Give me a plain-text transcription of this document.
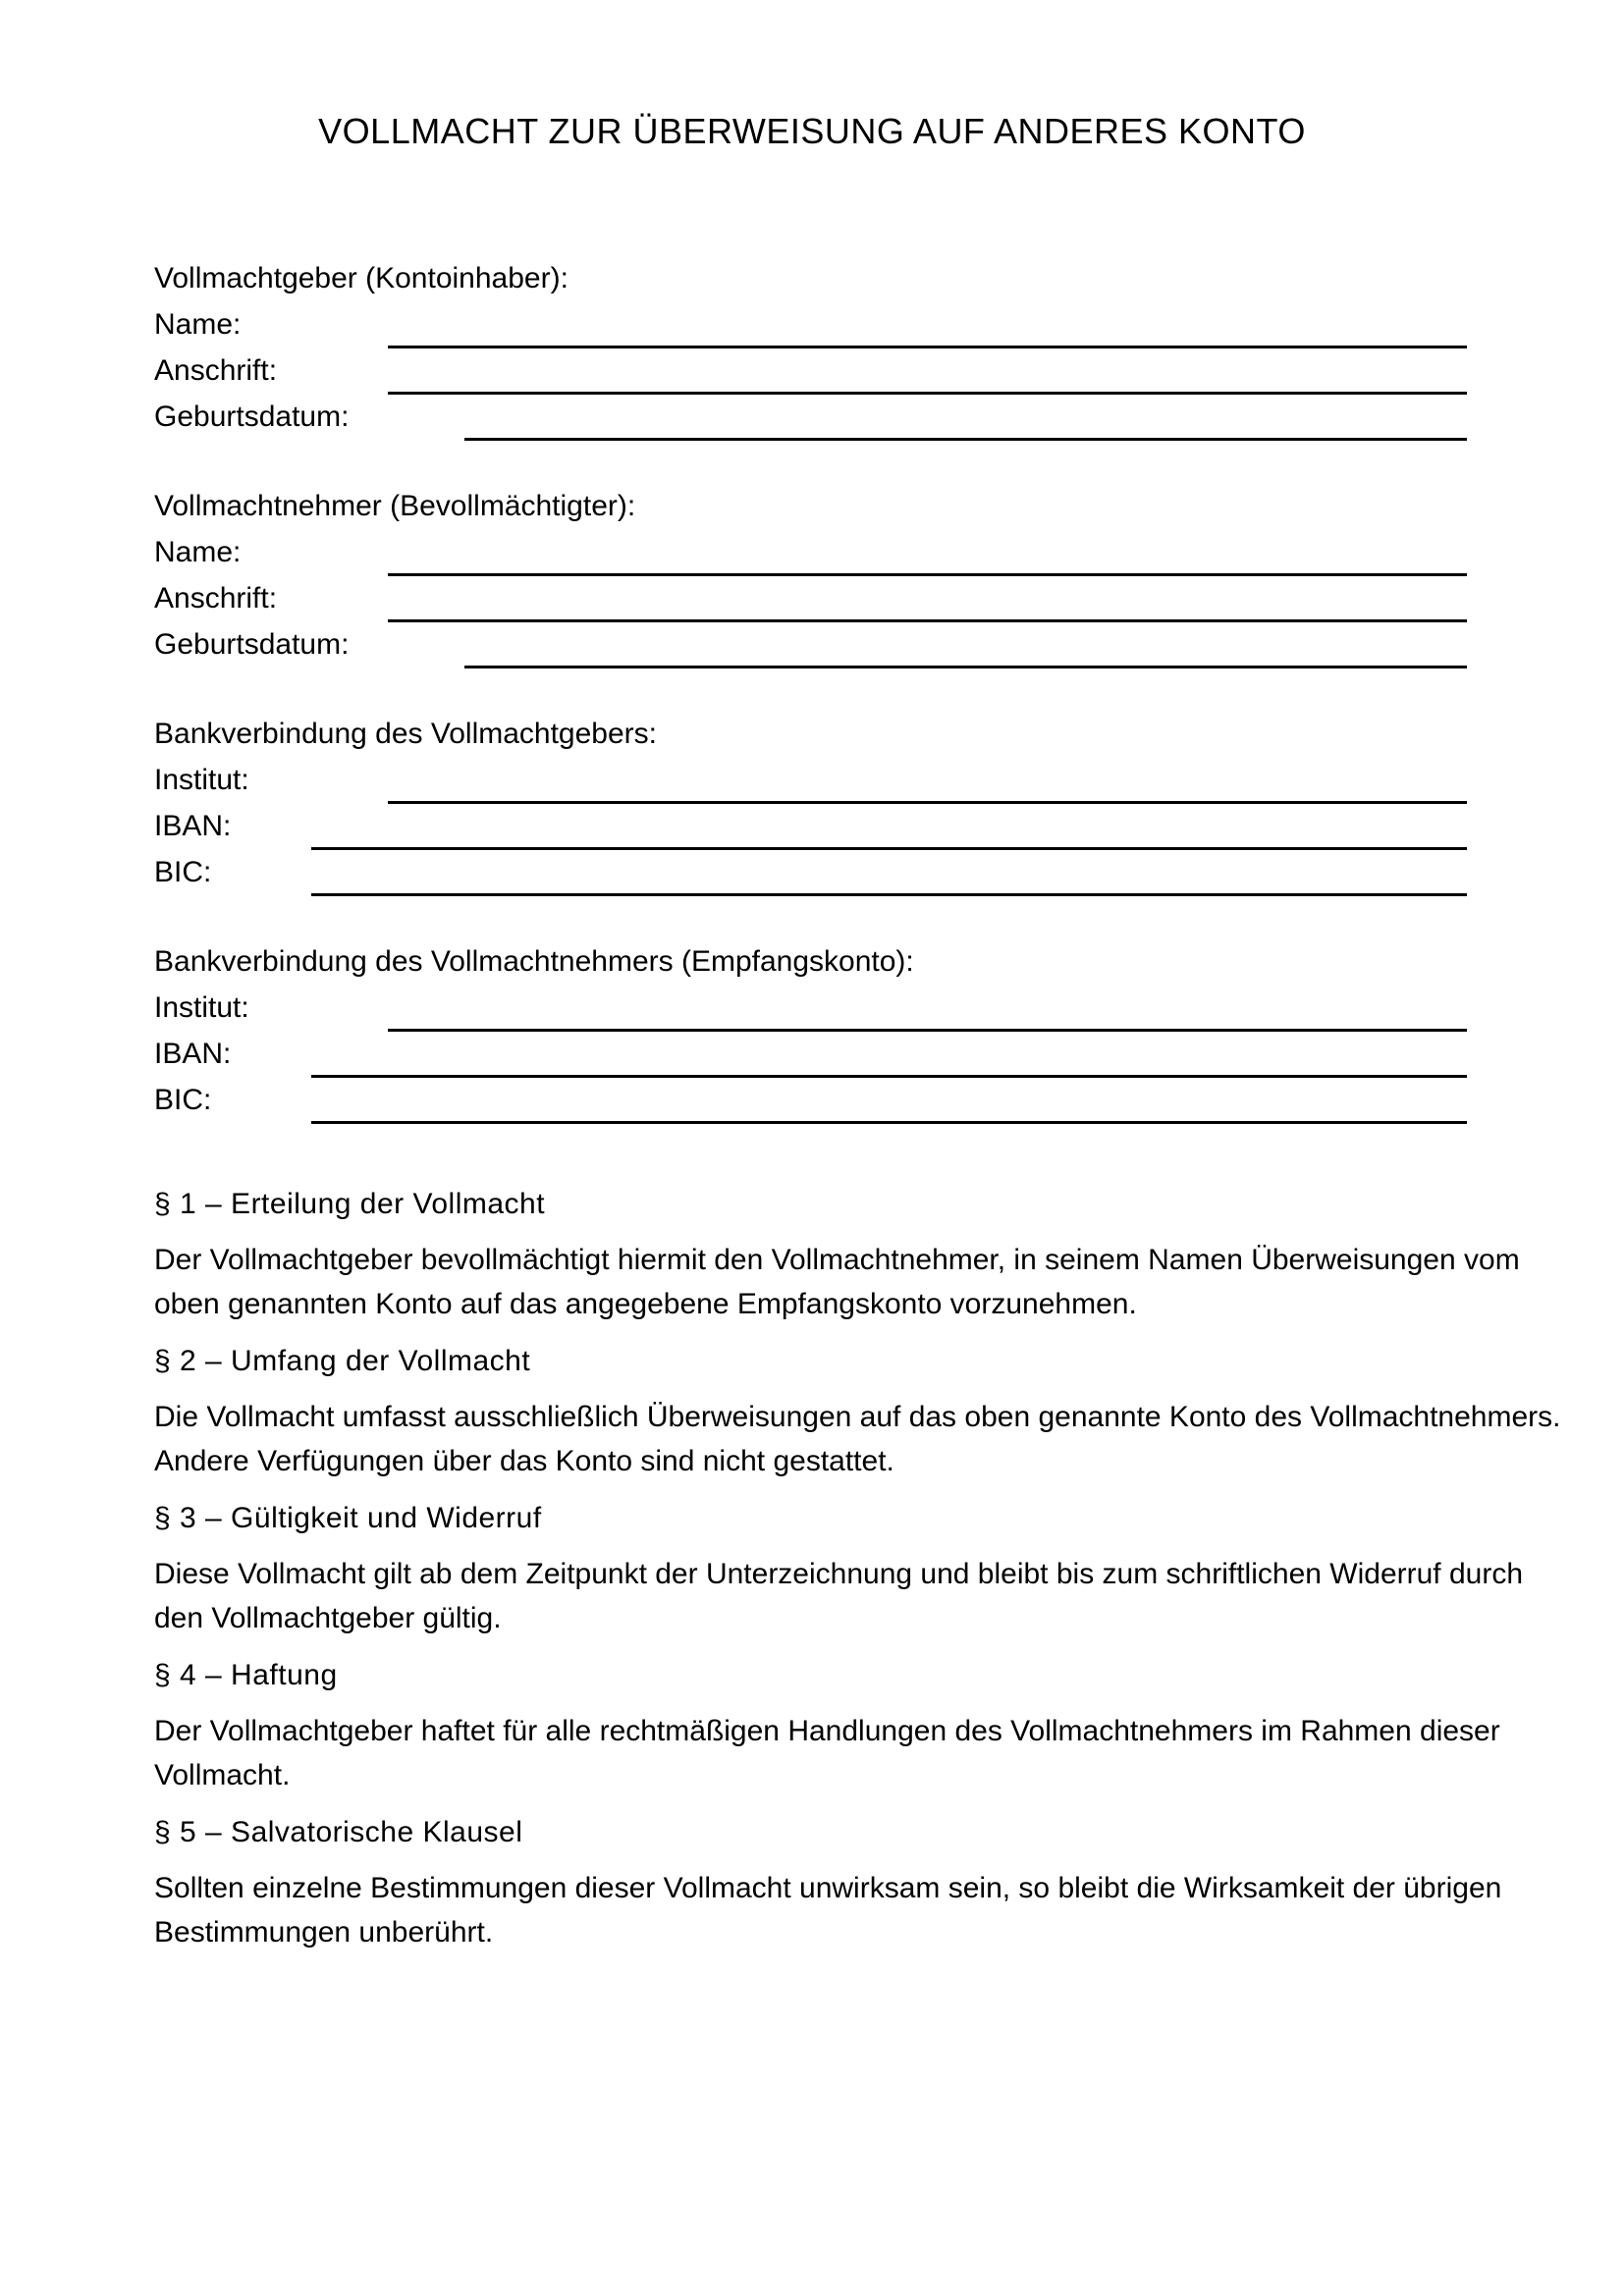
VOLLMACHT ZUR ÜBERWEISUNG AUF ANDERES KONTO
Vollmachtgeber (Kontoinhaber):
Name:
Anschrift:
Geburtsdatum:
Vollmachtnehmer (Bevollmächtigter):
Name:
Anschrift:
Geburtsdatum:
Bankverbindung des Vollmachtgebers:
Institut:
IBAN:
BIC:
Bankverbindung des Vollmachtnehmers (Empfangskonto):
Institut:
IBAN:
BIC:
§ 1 – Erteilung der Vollmacht
Der Vollmachtgeber bevollmächtigt hiermit den Vollmachtnehmer, in seinem Namen Überweisungen vom
oben genannten Konto auf das angegebene Empfangskonto vorzunehmen.
§ 2 – Umfang der Vollmacht
Die Vollmacht umfasst ausschließlich Überweisungen auf das oben genannte Konto des Vollmachtnehmers.
Andere Verfügungen über das Konto sind nicht gestattet.
§ 3 – Gültigkeit und Widerruf
Diese Vollmacht gilt ab dem Zeitpunkt der Unterzeichnung und bleibt bis zum schriftlichen Widerruf durch
den Vollmachtgeber gültig.
§ 4 – Haftung
Der Vollmachtgeber haftet für alle rechtmäßigen Handlungen des Vollmachtnehmers im Rahmen dieser
Vollmacht.
§ 5 – Salvatorische Klausel
Sollten einzelne Bestimmungen dieser Vollmacht unwirksam sein, so bleibt die Wirksamkeit der übrigen
Bestimmungen unberührt.
